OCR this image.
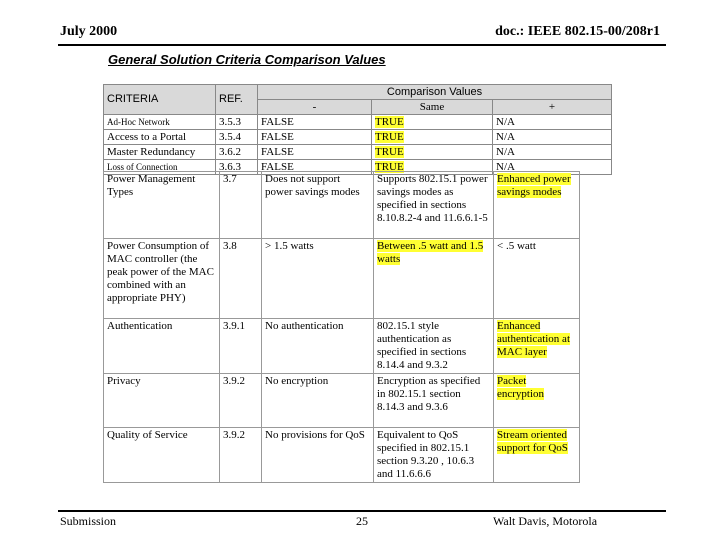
July 2000	doc.: IEEE 802.15-00/208r1
General Solution Criteria Comparison Values
CRITERIA	REF.	Comparison Values		
		-	Same	+
Ad-Hoc Network	3.5.3	FALSE	TRUE	N/A
Access to a Portal	3.5.4	FALSE	TRUE	N/A
Master Redundancy	3.6.2	FALSE	TRUE	N/A
Loss of Connection	3.6.3	FALSE	TRUE	N/A
Power Management Types	3.7	Does not support power savings modes	Supports 802.15.1 power savings modes as specified in sections 8.10.8.2-4 and 11.6.6.1-5	Enhanced power savings modes
Power Consumption of MAC controller (the peak power of the MAC combined with an appropriate PHY)	3.8	> 1.5 watts	Between .5 watt and 1.5 watts	< .5 watt
Authentication	3.9.1	No authentication	802.15.1 style authentication as specified in sections 8.14.4 and 9.3.2	Enhanced authentication at MAC layer
Privacy	3.9.2	No encryption	Encryption as specified in 802.15.1 section 8.14.3 and 9.3.6	Packet encryption
Quality of Service	3.9.2	No provisions for QoS	Equivalent to QoS specified in 802.15.1 section 9.3.20 , 10.6.3 and 11.6.6.6	Stream oriented support for QoS
Submission	25	Walt Davis, Motorola
